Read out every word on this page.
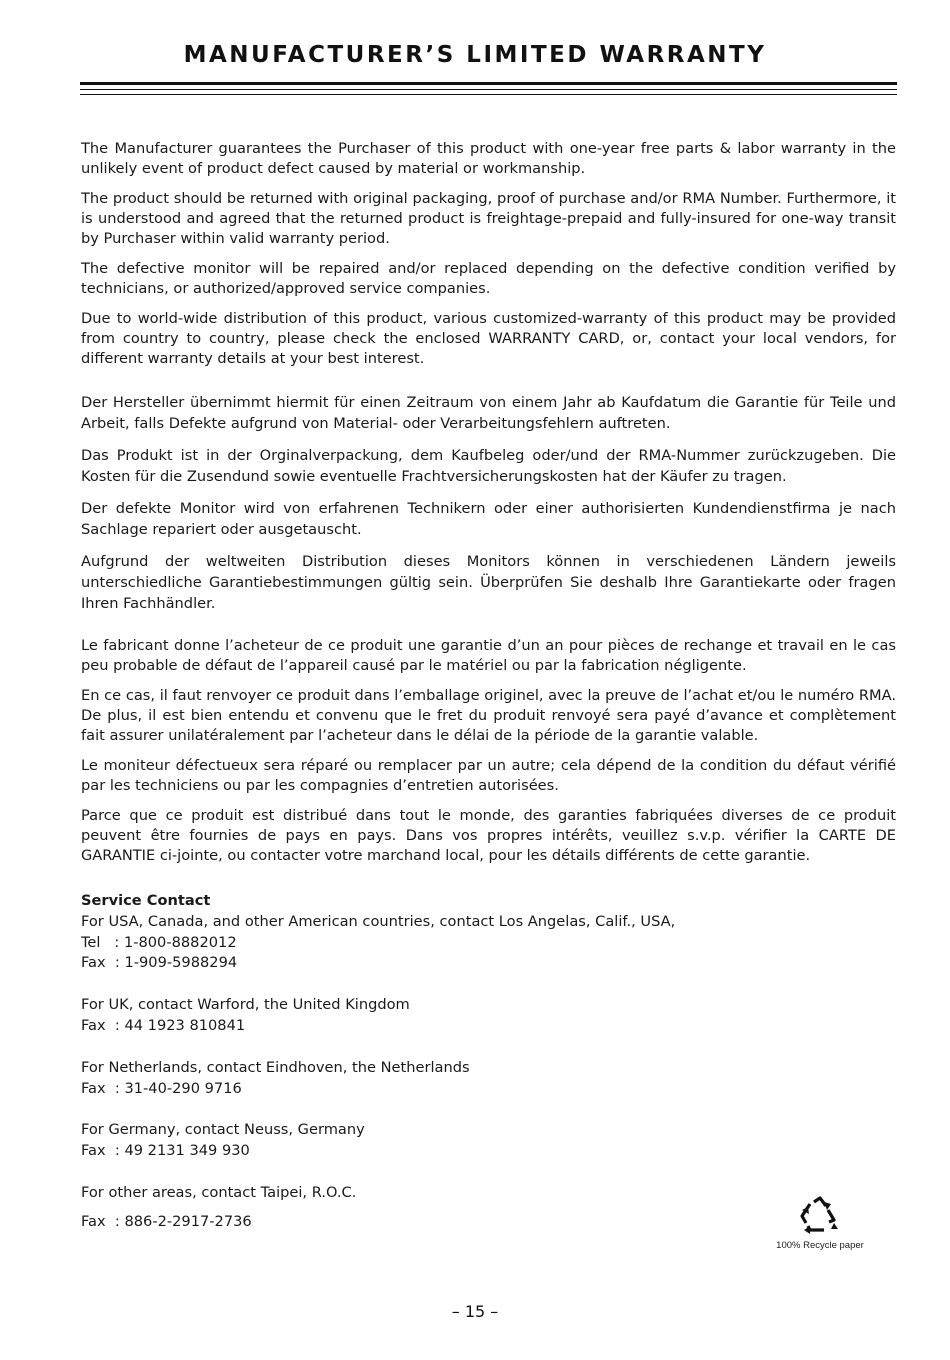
MANUFACTURER’S LIMITED WARRANTY

The Manufacturer guarantees the Purchaser of this product with one-year free parts & labor warranty in the unlikely event of product defect caused by material or workmanship.

The product should be returned with original packaging, proof of purchase and/or RMA Number. Furthermore, it is understood and agreed that the returned product is freightage-prepaid and fully-insured for one-way transit by Purchaser within valid warranty period.

The defective monitor will be repaired and/or replaced depending on the defective condition verified by technicians, or authorized/approved service companies.

Due to world-wide distribution of this product, various customized-warranty of this product may be provided from country to country, please check the enclosed WARRANTY CARD, or, contact your local vendors, for different warranty details at your best interest.

Der Hersteller übernimmt hiermit für einen Zeitraum von einem Jahr ab Kaufdatum die Garantie für Teile und Arbeit, falls Defekte aufgrund von Material- oder Verarbeitungsfehlern auftreten.

Das Produkt ist in der Orginalverpackung, dem Kaufbeleg oder/und der RMA-Nummer zurückzugeben. Die Kosten für die Zusendund sowie eventuelle Frachtversicherungskosten hat der Käufer zu tragen.

Der defekte Monitor wird von erfahrenen Technikern oder einer authorisierten Kundendienstfirma je nach Sachlage repariert oder ausgetauscht.

Aufgrund der weltweiten Distribution dieses Monitors können in verschiedenen Ländern jeweils unterschiedliche Garantiebestimmungen gültig sein. Überprüfen Sie deshalb Ihre Garantiekarte oder fragen Ihren Fachhändler.

Le fabricant donne l’acheteur de ce produit une garantie d’un an pour pièces de rechange et travail en le cas peu probable de défaut de l’appareil causé par le matériel ou par la fabrication négligente.

En ce cas, il faut renvoyer ce produit dans l’emballage originel, avec la preuve de l’achat et/ou le numéro RMA. De plus, il est bien entendu et convenu que le fret du produit renvoyé sera payé d’avance et complètement fait assurer unilatéralement par l’acheteur dans le délai de la période de la garantie valable.

Le moniteur défectueux sera réparé ou remplacer par un autre; cela dépend de la condition du défaut vérifié par les techniciens ou par les compagnies d’entretien autorisées.

Parce que ce produit est distribué dans tout le monde, des garanties fabriquées diverses de ce produit peuvent être fournies de pays en pays. Dans vos propres intérêts, veuillez s.v.p. vérifier la CARTE DE GARANTIE ci-jointe, ou contacter votre marchand local, pour les détails différents de cette garantie.

Service Contact
For USA, Canada, and other American countries, contact Los Angelas, Calif., USA,
Tel   : 1-800-8882012
Fax  : 1-909-5988294
For UK, contact Warford, the United Kingdom
Fax  : 44 1923 810841
For Netherlands, contact Eindhoven, the Netherlands
Fax  : 31-40-290 9716
For Germany, contact Neuss, Germany
Fax  : 49 2131 349 930
For other areas, contact Taipei, R.O.C.
Fax  : 886-2-2917-2736
100% Recycle paper
– 15 –
